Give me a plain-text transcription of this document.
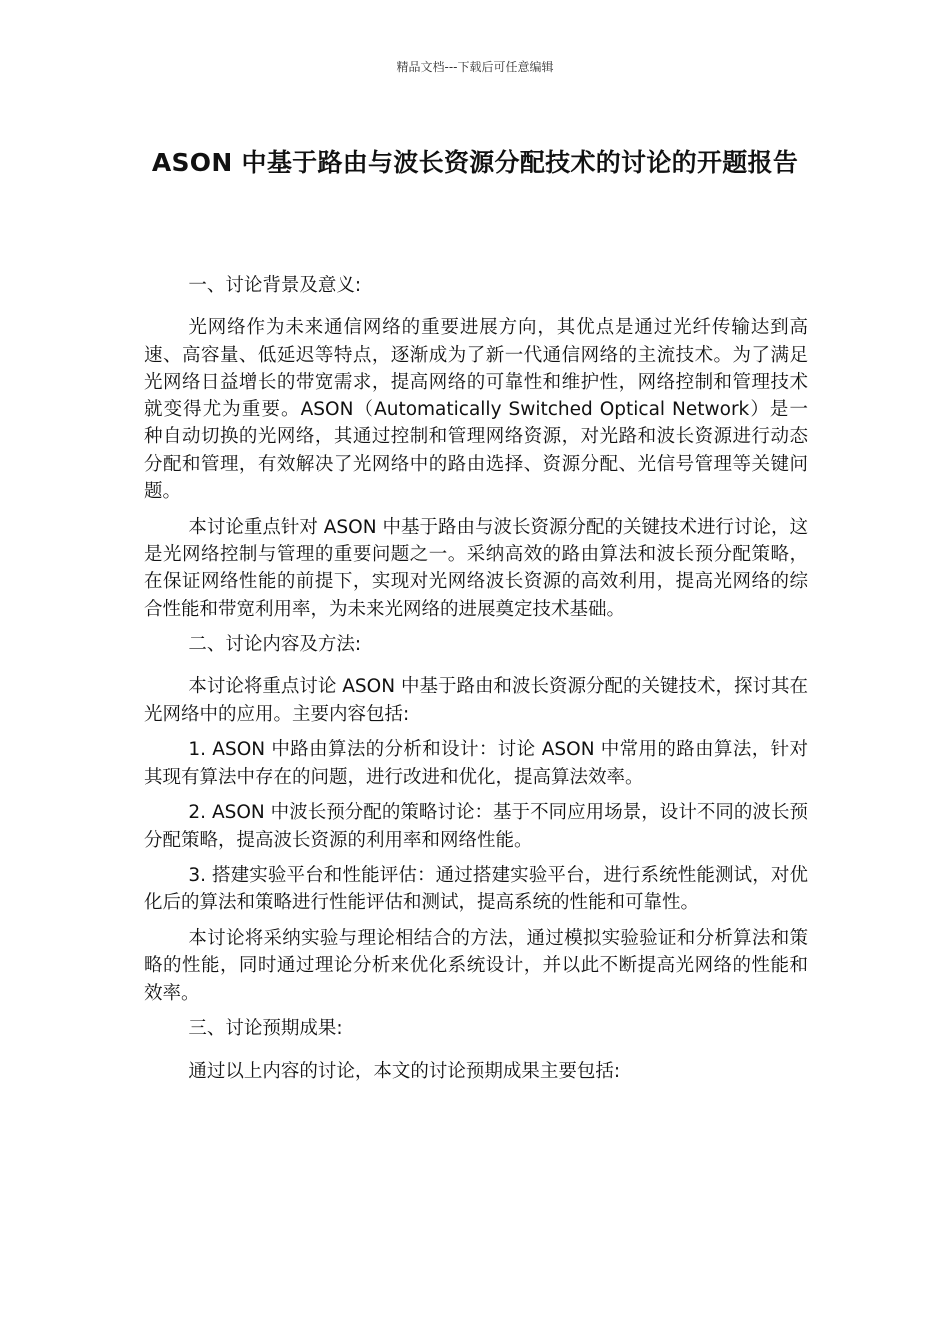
精品文档---下载后可任意编辑
ASON 中基于路由与波长资源分配技术的讨论的开题报告

一、讨论背景及意义:

光网络作为未来通信网络的重要进展方向，其优点是通过光纤传输达到高速、高容量、低延迟等特点，逐渐成为了新一代通信网络的主流技术。为了满足光网络日益增长的带宽需求，提高网络的可靠性和维护性，网络控制和管理技术就变得尤为重要。ASON（Automatically Switched Optical Network）是一种自动切换的光网络，其通过控制和管理网络资源，对光路和波长资源进行动态分配和管理，有效解决了光网络中的路由选择、资源分配、光信号管理等关键问题。

本讨论重点针对 ASON 中基于路由与波长资源分配的关键技术进行讨论，这是光网络控制与管理的重要问题之一。采纳高效的路由算法和波长预分配策略，在保证网络性能的前提下，实现对光网络波长资源的高效利用，提高光网络的综合性能和带宽利用率，为未来光网络的进展奠定技术基础。

二、讨论内容及方法:

本讨论将重点讨论 ASON 中基于路由和波长资源分配的关键技术，探讨其在光网络中的应用。主要内容包括:

1. ASON 中路由算法的分析和设计：讨论 ASON 中常用的路由算法，针对其现有算法中存在的问题，进行改进和优化，提高算法效率。

2. ASON 中波长预分配的策略讨论：基于不同应用场景，设计不同的波长预分配策略，提高波长资源的利用率和网络性能。

3. 搭建实验平台和性能评估：通过搭建实验平台，进行系统性能测试，对优化后的算法和策略进行性能评估和测试，提高系统的性能和可靠性。

本讨论将采纳实验与理论相结合的方法，通过模拟实验验证和分析算法和策略的性能，同时通过理论分析来优化系统设计，并以此不断提高光网络的性能和效率。

三、讨论预期成果:

通过以上内容的讨论，本文的讨论预期成果主要包括:
